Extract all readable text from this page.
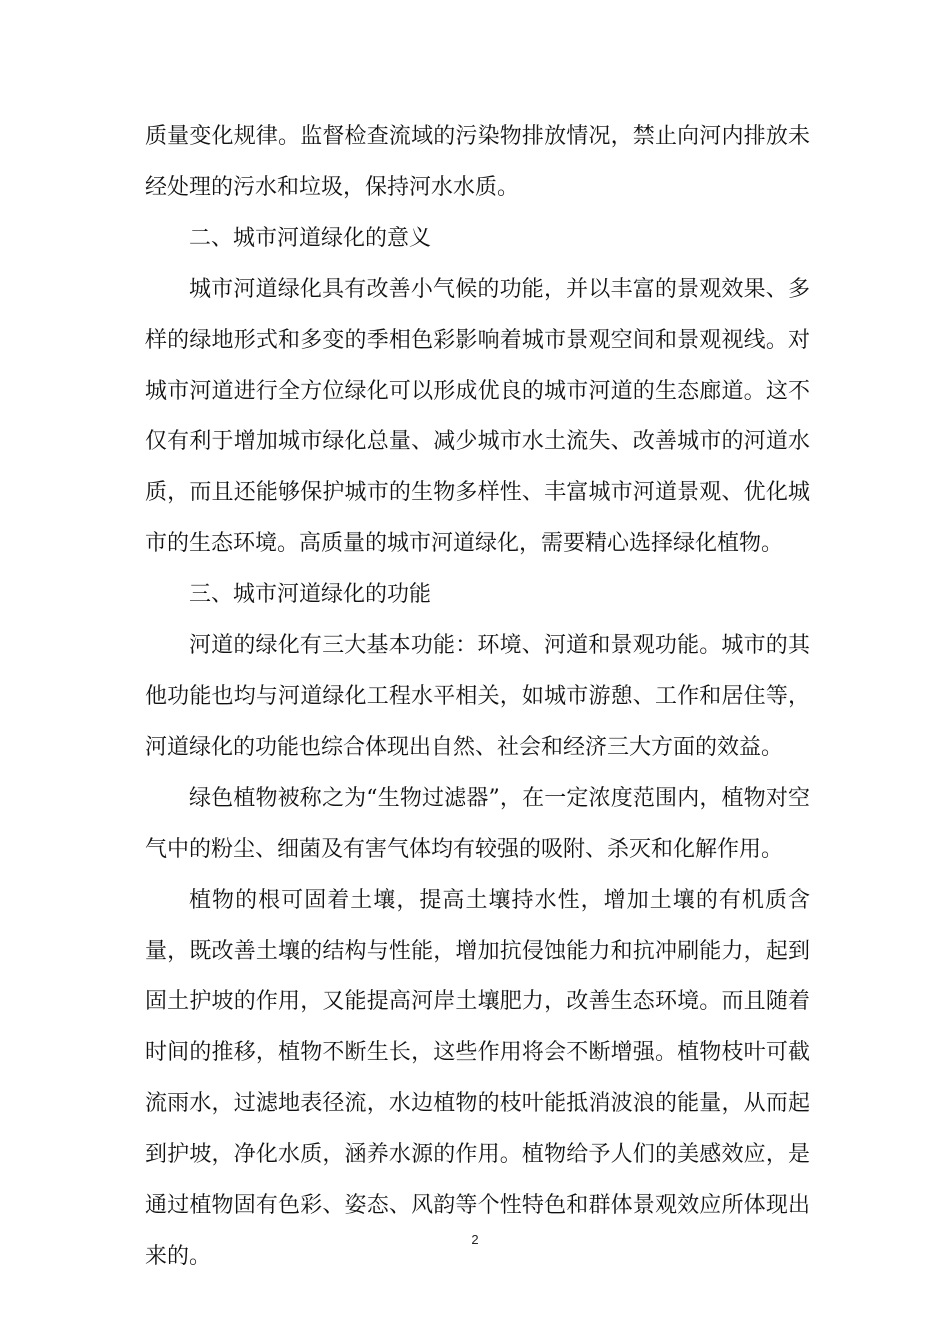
质量变化规律。监督检查流域的污染物排放情况，禁止向河内排放未经处理的污水和垃圾，保持河水水质。

二、城市河道绿化的意义

城市河道绿化具有改善小气候的功能，并以丰富的景观效果、多样的绿地形式和多变的季相色彩影响着城市景观空间和景观视线。对城市河道进行全方位绿化可以形成优良的城市河道的生态廊道。这不仅有利于增加城市绿化总量、减少城市水土流失、改善城市的河道水质，而且还能够保护城市的生物多样性、丰富城市河道景观、优化城市的生态环境。高质量的城市河道绿化，需要精心选择绿化植物。

三、城市河道绿化的功能

河道的绿化有三大基本功能：环境、河道和景观功能。城市的其他功能也均与河道绿化工程水平相关，如城市游憩、工作和居住等，河道绿化的功能也综合体现出自然、社会和经济三大方面的效益。

绿色植物被称之为“生物过滤器”，在一定浓度范围内，植物对空气中的粉尘、细菌及有害气体均有较强的吸附、杀灭和化解作用。

植物的根可固着土壤，提高土壤持水性，增加土壤的有机质含量，既改善土壤的结构与性能，增加抗侵蚀能力和抗冲刷能力，起到固土护坡的作用，又能提高河岸土壤肥力，改善生态环境。而且随着时间的推移，植物不断生长，这些作用将会不断增强。植物枝叶可截流雨水，过滤地表径流，水边植物的枝叶能抵消波浪的能量，从而起到护坡，净化水质，涵养水源的作用。植物给予人们的美感效应，是通过植物固有色彩、姿态、风韵等个性特色和群体景观效应所体现出来的。

2
